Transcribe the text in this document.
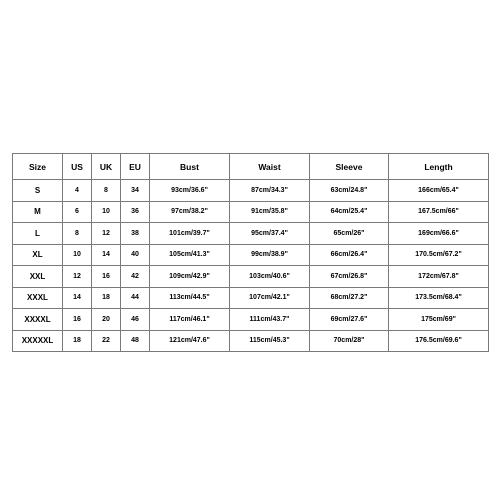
Size	US	UK	EU	Bust	Waist	Sleeve	Length
S	4	8	34	93cm/36.6"	87cm/34.3"	63cm/24.8"	166cm/65.4"
M	6	10	36	97cm/38.2"	91cm/35.8"	64cm/25.4"	167.5cm/66"
L	8	12	38	101cm/39.7"	95cm/37.4"	65cm/26"	169cm/66.6"
XL	10	14	40	105cm/41.3"	99cm/38.9"	66cm/26.4"	170.5cm/67.2"
XXL	12	16	42	109cm/42.9"	103cm/40.6"	67cm/26.8"	172cm/67.8"
XXXL	14	18	44	113cm/44.5"	107cm/42.1"	68cm/27.2"	173.5cm/68.4"
XXXXL	16	20	46	117cm/46.1"	111cm/43.7"	69cm/27.6"	175cm/69"
XXXXXL	18	22	48	121cm/47.6"	115cm/45.3"	70cm/28"	176.5cm/69.6"
